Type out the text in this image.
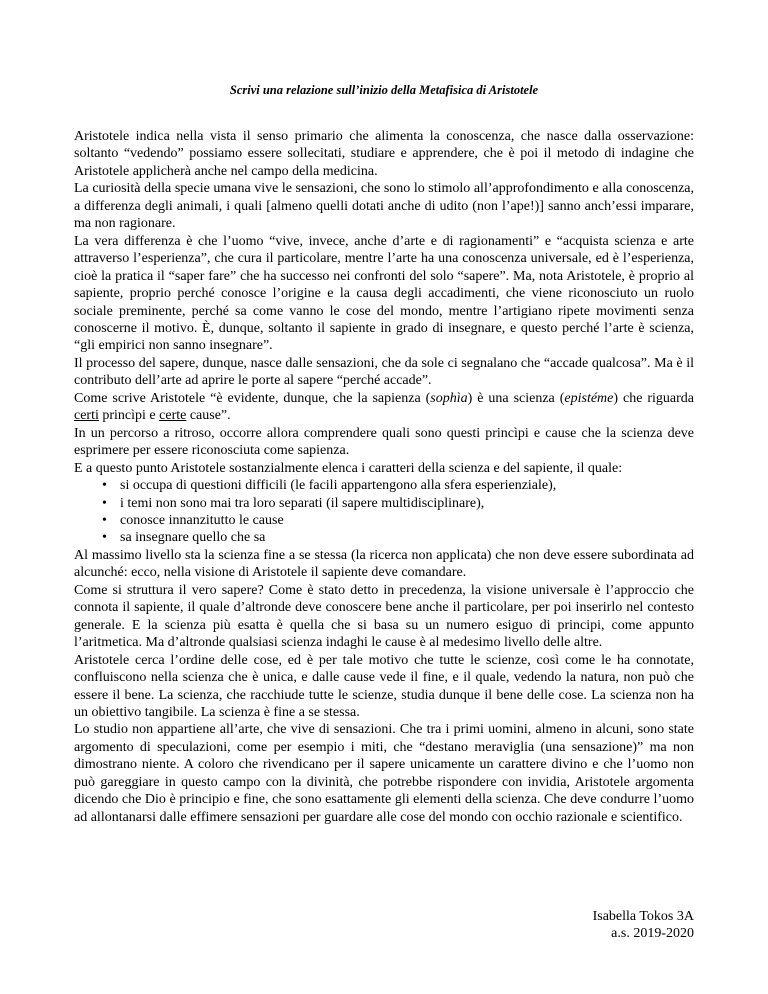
Scrivi una relazione sull’inizio della Metafisica di Aristotele

Aristotele indica nella vista il senso primario che alimenta la conoscenza, che nasce dalla osservazione: soltanto “vedendo” possiamo essere sollecitati, studiare e apprendere, che è poi il metodo di indagine che Aristotele applicherà anche nel campo della medicina.

La curiosità della specie umana vive le sensazioni, che sono lo stimolo all’approfondimento e alla conoscenza, a differenza degli animali, i quali [almeno quelli dotati anche di udito (non l’ape!)] sanno anch’essi imparare, ma non ragionare.

La vera differenza è che l’uomo “vive, invece, anche d’arte e di ragionamenti” e “acquista scienza e arte attraverso l’esperienza”, che cura il particolare, mentre l’arte ha una conoscenza universale, ed è l’esperienza, cioè la pratica il “saper fare” che ha successo nei confronti del solo “sapere”. Ma, nota Aristotele, è proprio al sapiente, proprio perché conosce l’origine e la causa degli accadimenti, che viene riconosciuto un ruolo sociale preminente, perché sa come vanno le cose del mondo, mentre l’artigiano ripete movimenti senza conoscerne il motivo. È, dunque, soltanto il sapiente in grado di insegnare, e questo perché l’arte è scienza, “gli empirici non sanno insegnare”.

Il processo del sapere, dunque, nasce dalle sensazioni, che da sole ci segnalano che “accade qualcosa”. Ma è il contributo dell’arte ad aprire le porte al sapere “perché accade”.

Come scrive Aristotele “è evidente, dunque, che la sapienza (sophìa) è una scienza (epistéme) che riguarda certi princìpi e certe cause”.

In un percorso a ritroso, occorre allora comprendere quali sono questi princìpi e cause che la scienza deve esprimere per essere riconosciuta come sapienza.

E a questo punto Aristotele sostanzialmente elenca i caratteri della scienza e del sapiente, il quale:

• si occupa di questioni difficili (le facili appartengono alla sfera esperienziale),
• i temi non sono mai tra loro separati (il sapere multidisciplinare),
• conosce innanzitutto le cause
• sa insegnare quello che sa

Al massimo livello sta la scienza fine a se stessa (la ricerca non applicata) che non deve essere subordinata ad alcunché: ecco, nella visione di Aristotele il sapiente deve comandare.

Come si struttura il vero sapere? Come è stato detto in precedenza, la visione universale è l’approccio che connota il sapiente, il quale d’altronde deve conoscere bene anche il particolare, per poi inserirlo nel contesto generale. E la scienza più esatta è quella che si basa su un numero esiguo di principi, come appunto l’aritmetica. Ma d’altronde qualsiasi scienza indaghi le cause è al medesimo livello delle altre.

Aristotele cerca l’ordine delle cose, ed è per tale motivo che tutte le scienze, così come le ha connotate, confluiscono nella scienza che è unica, e dalle cause vede il fine, e il quale, vedendo la natura, non può che essere il bene. La scienza, che racchiude tutte le scienze, studia dunque il bene delle cose. La scienza non ha un obiettivo tangibile. La scienza è fine a se stessa.

Lo studio non appartiene all’arte, che vive di sensazioni. Che tra i primi uomini, almeno in alcuni, sono state argomento di speculazioni, come per esempio i miti, che “destano meraviglia (una sensazione)” ma non dimostrano niente. A coloro che rivendicano per il sapere unicamente un carattere divino e che l’uomo non può gareggiare in questo campo con la divinità, che potrebbe rispondere con invidia, Aristotele argomenta dicendo che Dio è principio e fine, che sono esattamente gli elementi della scienza. Che deve condurre l’uomo ad allontanarsi dalle effimere sensazioni per guardare alle cose del mondo con occhio razionale e scientifico.

Isabella Tokos 3A
a.s. 2019-2020
